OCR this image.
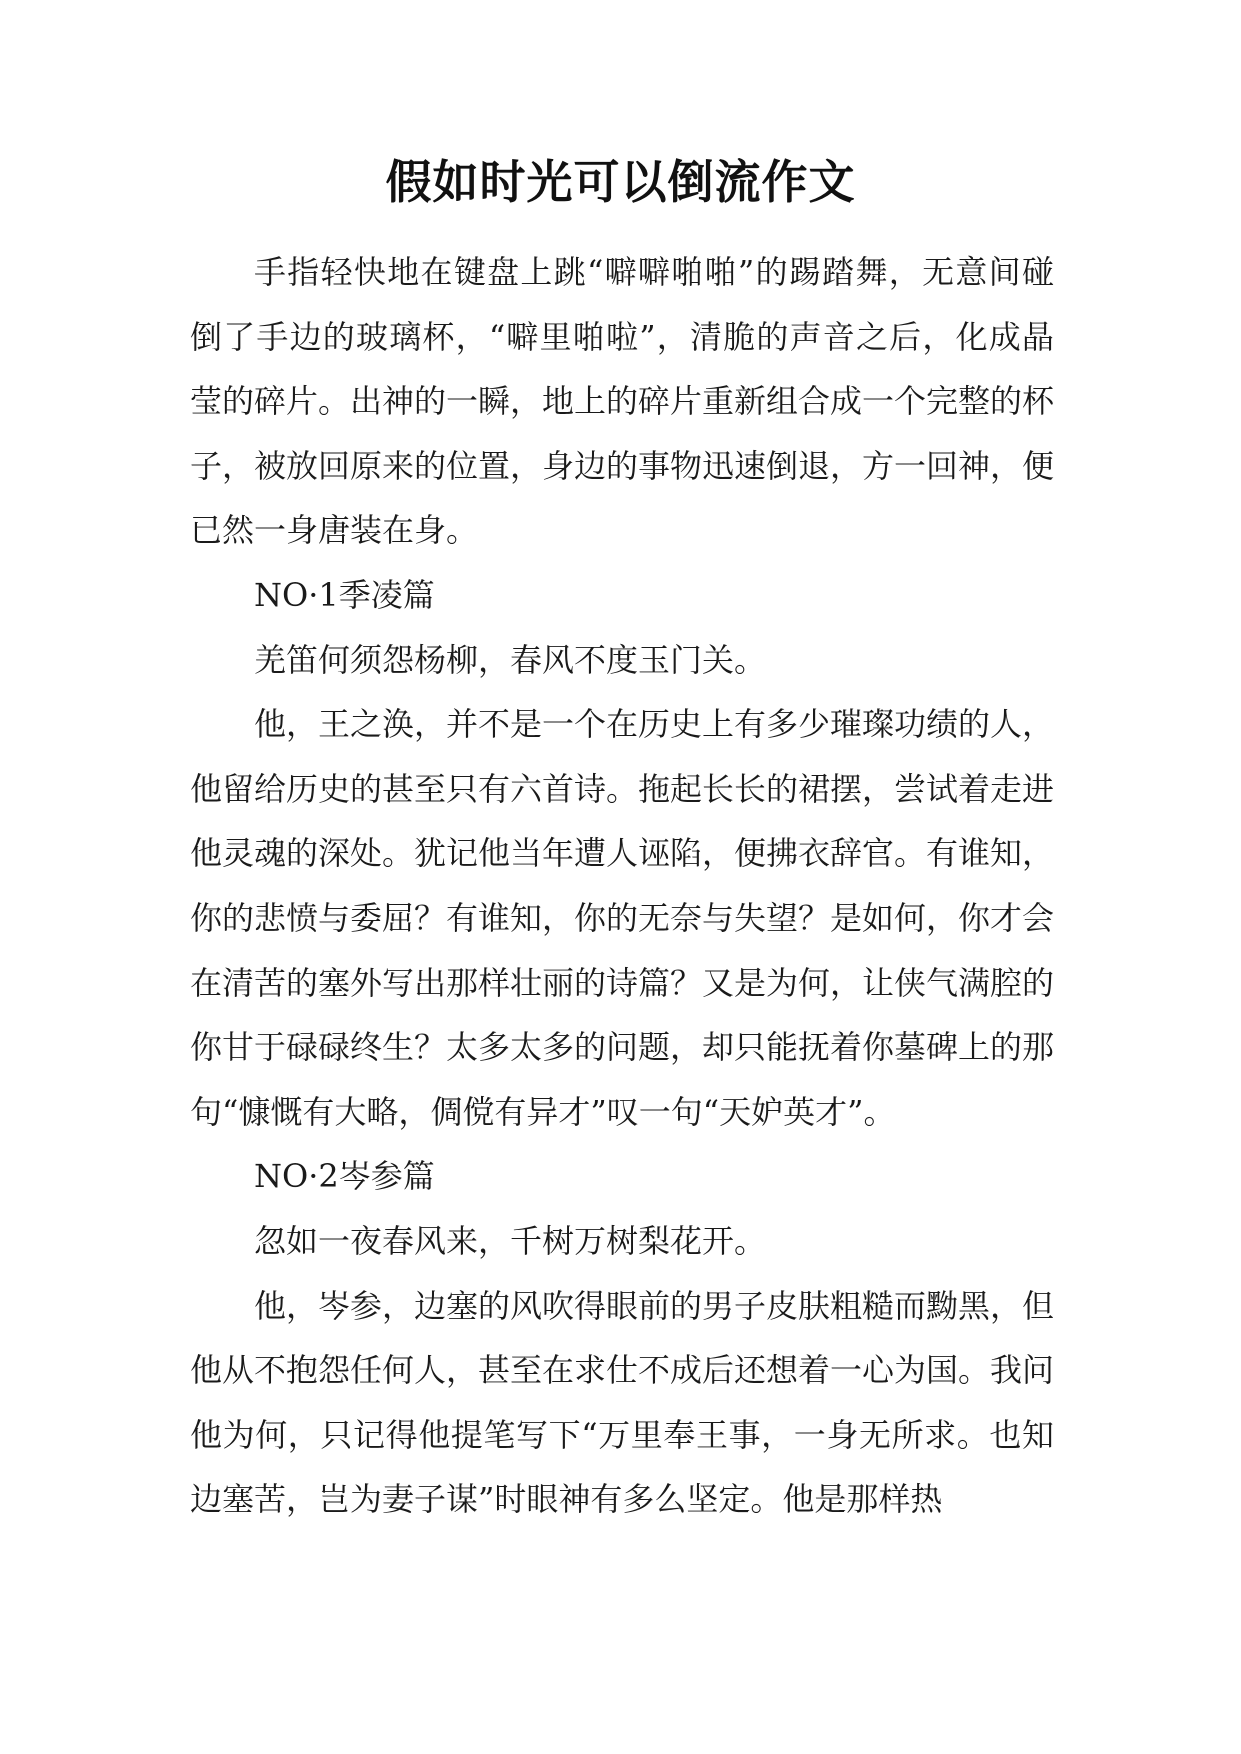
假如时光可以倒流作文

手指轻快地在键盘上跳“噼噼啪啪”的踢踏舞，无意间碰倒了手边的玻璃杯，“噼里啪啦”，清脆的声音之后，化成晶莹的碎片。出神的一瞬，地上的碎片重新组合成一个完整的杯子，被放回原来的位置，身边的事物迅速倒退，方一回神，便已然一身唐装在身。

NO·1季凌篇

羌笛何须怨杨柳，春风不度玉门关。

他，王之涣，并不是一个在历史上有多少璀璨功绩的人，他留给历史的甚至只有六首诗。拖起长长的裙摆，尝试着走进他灵魂的深处。犹记他当年遭人诬陷，便拂衣辞官。有谁知，你的悲愤与委屈？有谁知，你的无奈与失望？是如何，你才会在清苦的塞外写出那样壮丽的诗篇？又是为何，让侠气满腔的你甘于碌碌终生？太多太多的问题，却只能抚着你墓碑上的那句“慷慨有大略，倜傥有异才”叹一句“天妒英才”。

NO·2岑参篇

忽如一夜春风来，千树万树梨花开。

他，岑参，边塞的风吹得眼前的男子皮肤粗糙而黝黑，但他从不抱怨任何人，甚至在求仕不成后还想着一心为国。我问他为何，只记得他提笔写下“万里奉王事，一身无所求。也知边塞苦，岂为妻子谋”时眼神有多么坚定。他是那样热
